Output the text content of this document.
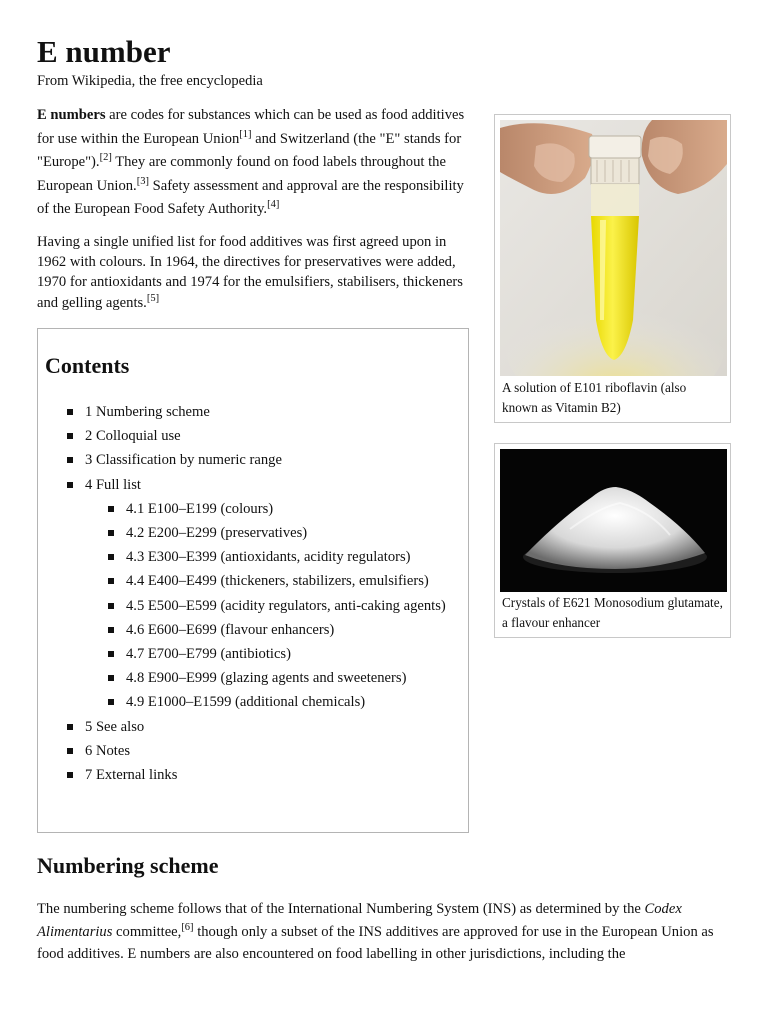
E number
From Wikipedia, the free encyclopedia

E numbers are codes for substances which can be used as food additives for use within the European Union[1] and Switzerland (the "E" stands for "Europe").[2] They are commonly found on food labels throughout the European Union.[3] Safety assessment and approval are the responsibility of the European Food Safety Authority.[4]

Having a single unified list for food additives was first agreed upon in 1962 with colours. In 1964, the directives for preservatives were added, 1970 for antioxidants and 1974 for the emulsifiers, stabilisers, thickeners and gelling agents.[5]

Contents
1 Numbering scheme
2 Colloquial use
3 Classification by numeric range
4 Full list
4.1 E100–E199 (colours)
4.2 E200–E299 (preservatives)
4.3 E300–E399 (antioxidants, acidity regulators)
4.4 E400–E499 (thickeners, stabilizers, emulsifiers)
4.5 E500–E599 (acidity regulators, anti-caking agents)
4.6 E600–E699 (flavour enhancers)
4.7 E700–E799 (antibiotics)
4.8 E900–E999 (glazing agents and sweeteners)
4.9 E1000–E1599 (additional chemicals)
5 See also
6 Notes
7 External links
A solution of E101 riboflavin (also known as Vitamin B2)
Crystals of E621 Monosodium glutamate, a flavour enhancer
Numbering scheme

The numbering scheme follows that of the International Numbering System (INS) as determined by the Codex Alimentarius committee,[6] though only a subset of the INS additives are approved for use in the European Union as food additives. E numbers are also encountered on food labelling in other jurisdictions, including the
